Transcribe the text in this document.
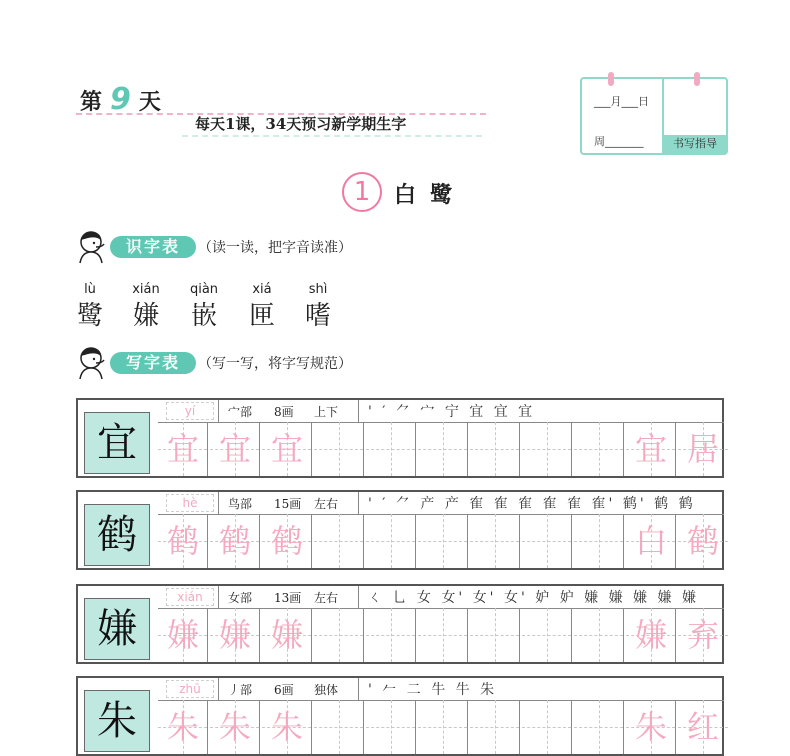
第 9 天
每天1课，34天预习新学期生字
___月___日
周_______	书写指导
1	白鹭
识字表	（读一读，把字音读准）
lù
鹭
xián
嫌
qiàn
嵌
xiá
匣
shì
嗜
写字表	（写一写，将字写规范）
宜
yí	宀部 8画 上下 ' ′ ⺈ 宀 宁 宜 宜 宜
宜 宜 宜	宜 居
鹤
hè	鸟部 15画 左右 ' ′ ⺈ 产 产 隺 隺 隺 隺 隺 隺' 鹤' 鹤 鹤
鹤 鹤 鹤	白 鹤
嫌
xián	女部 13画 左右 ㄑ 乚 女 女' 女' 女' 妒 妒 嫌 嫌 嫌 嫌 嫌
嫌 嫌 嫌	嫌 弃
朱
zhū	丿部 6画 独体 ' 𠂉 二 牛 牛 朱
朱 朱 朱	朱 红
